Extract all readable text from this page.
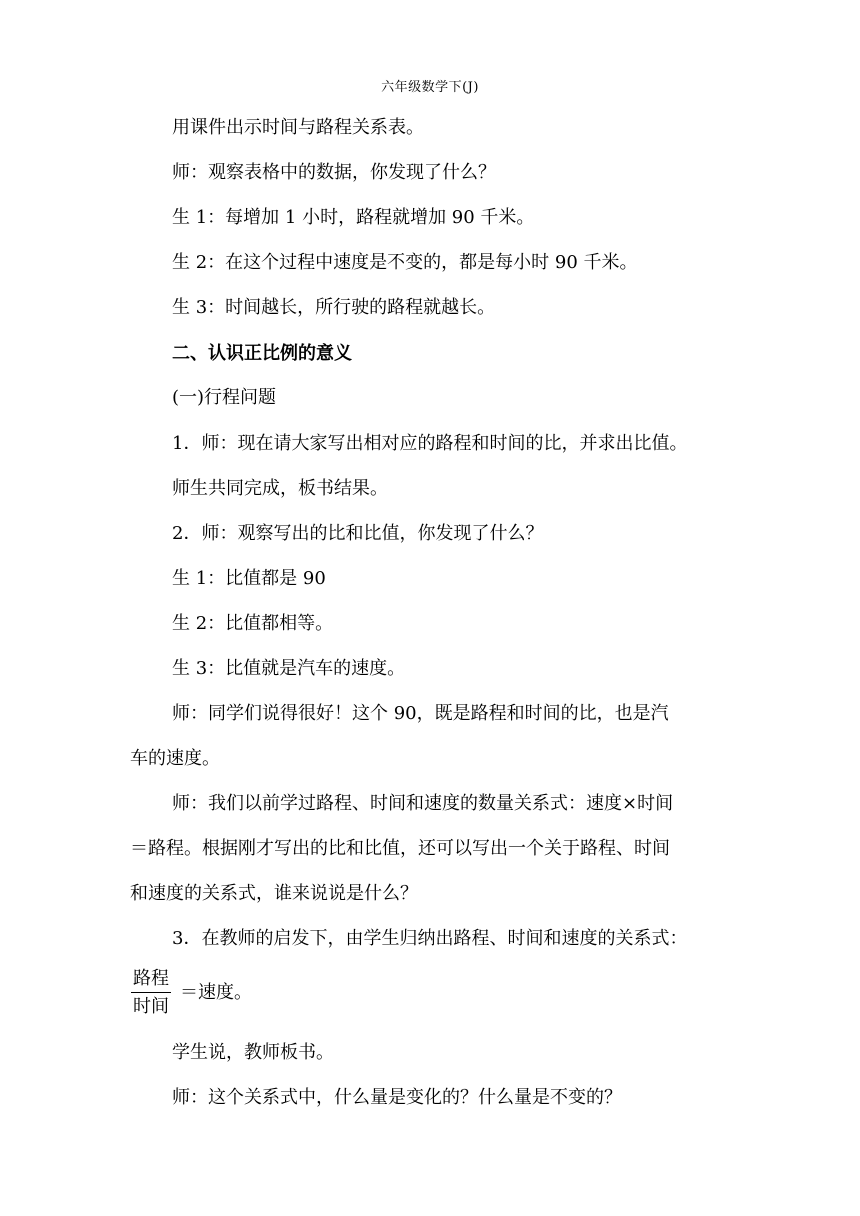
六年级数学下(J)
用课件出示时间与路程关系表。
师：观察表格中的数据，你发现了什么？
生 1：每增加 1 小时，路程就增加 90 千米。
生 2：在这个过程中速度是不变的，都是每小时 90 千米。
生 3：时间越长，所行驶的路程就越长。
二、认识正比例的意义
(一)行程问题
1．师：现在请大家写出相对应的路程和时间的比，并求出比值。
师生共同完成，板书结果。
2．师：观察写出的比和比值，你发现了什么？
生 1：比值都是 90
生 2：比值都相等。
生 3：比值就是汽车的速度。
师：同学们说得很好！这个 90，既是路程和时间的比，也是汽
车的速度。
师：我们以前学过路程、时间和速度的数量关系式：速度×时间
＝路程。根据刚才写出的比和比值，还可以写出一个关于路程、时间
和速度的关系式，谁来说说是什么？
3．在教师的启发下，由学生归纳出路程、时间和速度的关系式：
路程
时间
＝速度。
学生说，教师板书。
师：这个关系式中，什么量是变化的？什么量是不变的？
